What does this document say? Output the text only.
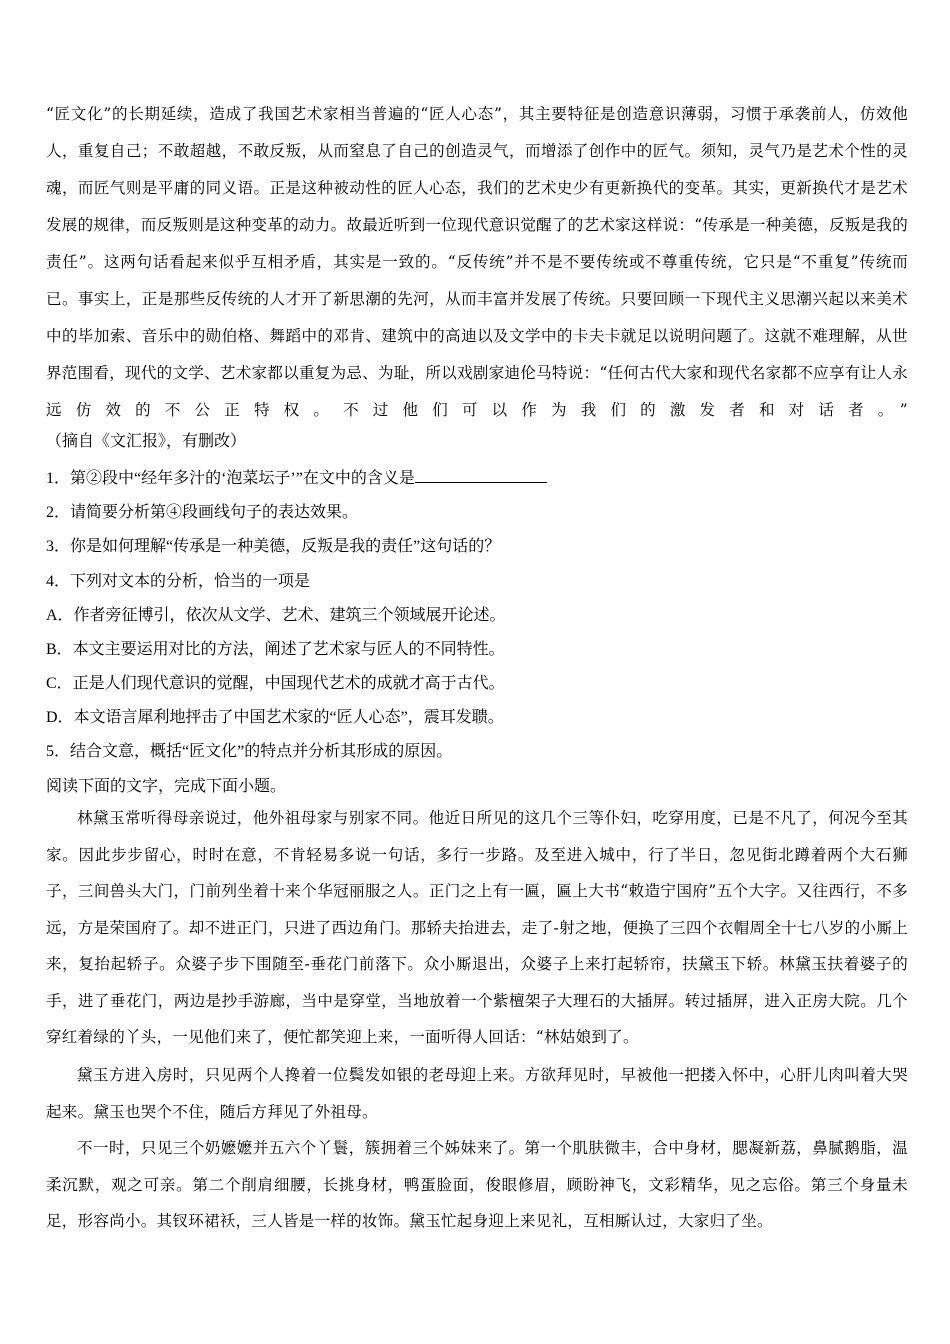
“匠文化”的长期延续，造成了我国艺术家相当普遍的“匠人心态”，其主要特征是创造意识薄弱，习惯于承袭前人，仿效他人，重复自己；不敢超越，不敢反叛，从而窒息了自己的创造灵气，而增添了创作中的匠气。须知，灵气乃是艺术个性的灵魂，而匠气则是平庸的同义语。正是这种被动性的匠人心态，我们的艺术史少有更新换代的变革。其实，更新换代才是艺术发展的规律，而反叛则是这种变革的动力。故最近听到一位现代意识觉醒了的艺术家这样说：“传承是一种美德，反叛是我的责任”。这两句话看起来似乎互相矛盾，其实是一致的。“反传统”并不是不要传统或不尊重传统，它只是“不重复”传统而已。事实上，正是那些反传统的人才开了新思潮的先河，从而丰富并发展了传统。只要回顾一下现代主义思潮兴起以来美术中的毕加索、音乐中的勋伯格、舞蹈中的邓肯、建筑中的高迪以及文学中的卡夫卡就足以说明问题了。这就不难理解，从世界范围看，现代的文学、艺术家都以重复为忌、为耻，所以戏剧家迪伦马特说：“任何古代大家和现代名家都不应享有让人永远仿效的不公正特权。不过他们可以作为我们的激发者和对话者。”

（摘自《文汇报》，有删改）
1．第②段中“经年多汁的‘泡菜坛子’”在文中的含义是
2．请简要分析第④段画线句子的表达效果。
3．你是如何理解“传承是一种美德，反叛是我的责任”这句话的？
4．下列对文本的分析，恰当的一项是
A．作者旁征博引，依次从文学、艺术、建筑三个领域展开论述。
B．本文主要运用对比的方法，阐述了艺术家与匠人的不同特性。
C．正是人们现代意识的觉醒，中国现代艺术的成就才高于古代。
D．本文语言犀利地抨击了中国艺术家的“匠人心态”，震耳发聩。
5．结合文意，概括“匠文化”的特点并分析其形成的原因。
阅读下面的文字，完成下面小题。

林黛玉常听得母亲说过，他外祖母家与别家不同。他近日所见的这几个三等仆妇，吃穿用度，已是不凡了，何况今至其家。因此步步留心，时时在意，不肯轻易多说一句话，多行一步路。及至进入城中，行了半日，忽见街北蹲着两个大石狮子，三间兽头大门，门前列坐着十来个华冠丽服之人。正门之上有一匾，匾上大书“敕造宁国府”五个大字。又往西行，不多远，方是荣国府了。却不进正门，只进了西边角门。那轿夫抬进去，走了-射之地，便换了三四个衣帽周全十七八岁的小厮上来，复抬起轿子。众婆子步下围随至-垂花门前落下。众小厮退出，众婆子上来打起轿帘，扶黛玉下轿。林黛玉扶着婆子的手，进了垂花门，两边是抄手游廊，当中是穿堂，当地放着一个紫檀架子大理石的大插屏。转过插屏，进入正房大院。几个穿红着绿的丫头，一见他们来了，便忙都笑迎上来，一面听得人回话：“林姑娘到了。

黛玉方进入房时，只见两个人搀着一位鬓发如银的老母迎上来。方欲拜见时，早被他一把搂入怀中，心肝儿肉叫着大哭起来。黛玉也哭个不住，随后方拜见了外祖母。

不一时，只见三个奶嬷嬷并五六个丫鬟，簇拥着三个姊妹来了。第一个肌肤微丰，合中身材，腮凝新荔，鼻腻鹅脂，温柔沉默，观之可亲。第二个削肩细腰，长挑身材，鸭蛋脸面，俊眼修眉，顾盼神飞，文彩精华，见之忘俗。第三个身量未足，形容尚小。其钗环裙袄，三人皆是一样的妆饰。黛玉忙起身迎上来见礼，互相厮认过，大家归了坐。
